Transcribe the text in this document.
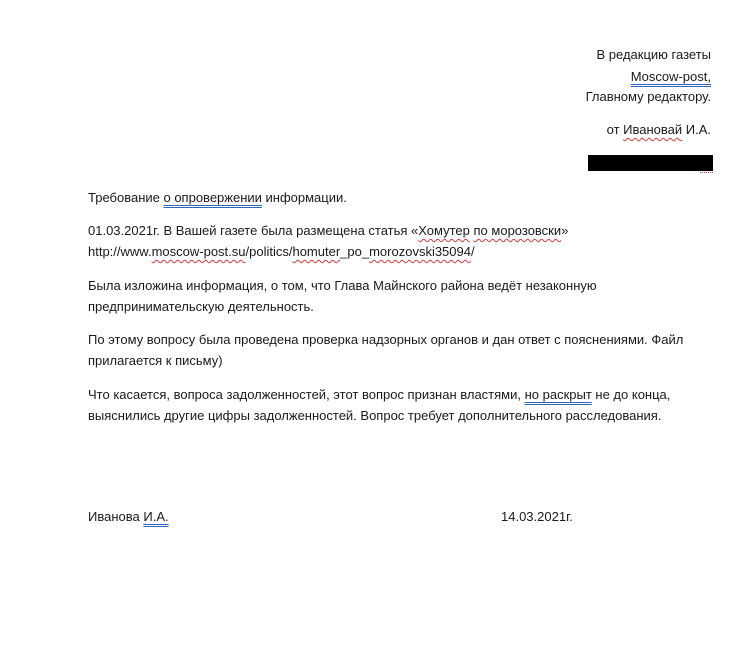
В редакцию газеты
Moscow-post,
Главному редактору.
от Ивановай И.А.
Требование о опровержении информации.
01.03.2021г. В Вашей газете была размещена статья «Хомутер по морозовски»
http://www.moscow-post.su/politics/homuter_po_morozovski35094/
Была изложина информация, о том, что Глава Майнского района ведёт незаконную
предпринимательскую деятельность.
По этому вопросу была проведена проверка надзорных органов и дан ответ с пояснениями. Файл
прилагается к письму)
Что касается, вопроса задолженностей, этот вопрос признан властями, но раскрыт не до конца,
выяснились другие цифры задолженностей. Вопрос требует дополнительного расследования.
Иванова И.А.	14.03.2021г.
